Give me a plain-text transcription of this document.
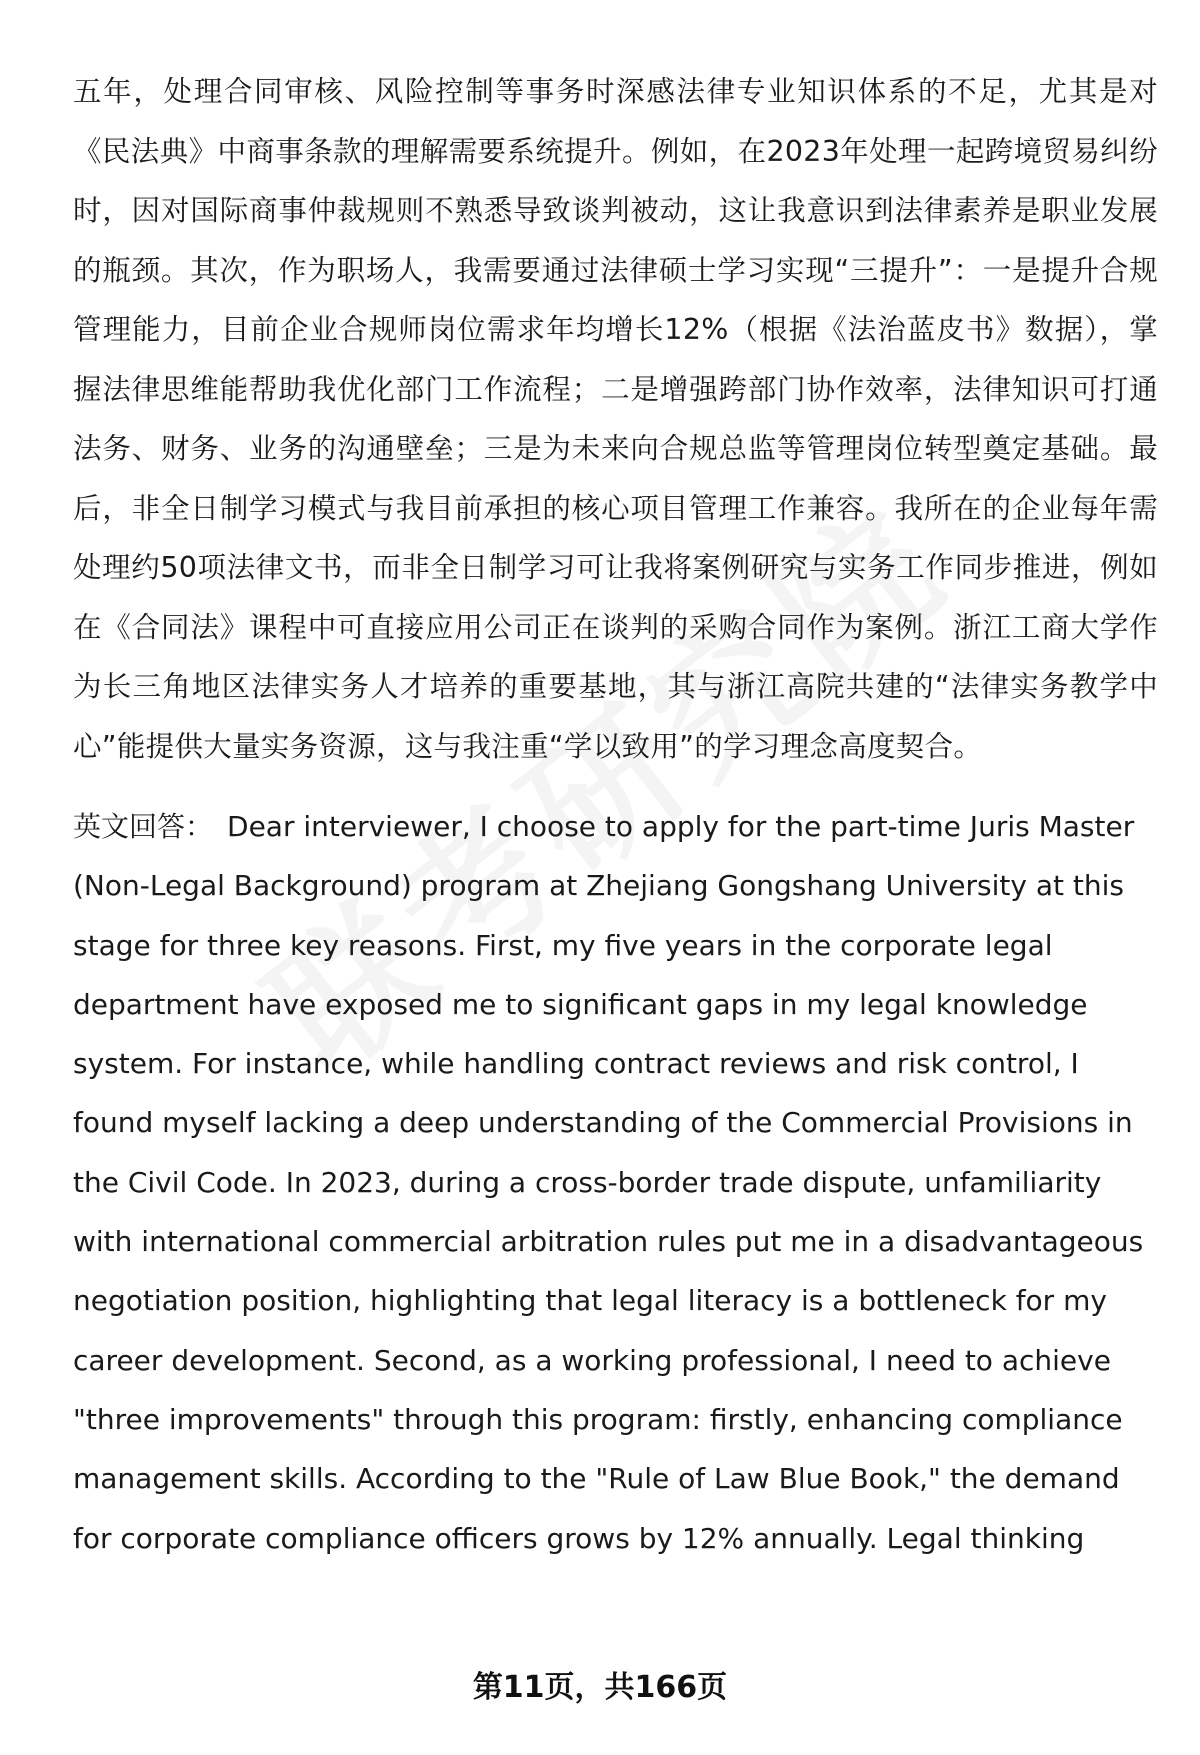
五年，处理合同审核、风险控制等事务时深感法律专业知识体系的不足，尤其是对《民法典》中商事条款的理解需要系统提升。例如，在2023年处理一起跨境贸易纠纷时，因对国际商事仲裁规则不熟悉导致谈判被动，这让我意识到法律素养是职业发展的瓶颈。其次，作为职场人，我需要通过法律硕士学习实现“三提升”：一是提升合规管理能力，目前企业合规师岗位需求年均增长12%（根据《法治蓝皮书》数据），掌握法律思维能帮助我优化部门工作流程；二是增强跨部门协作效率，法律知识可打通法务、财务、业务的沟通壁垒；三是为未来向合规总监等管理岗位转型奠定基础。最后，非全日制学习模式与我目前承担的核心项目管理工作兼容。我所在的企业每年需处理约50项法律文书，而非全日制学习可让我将案例研究与实务工作同步推进，例如在《合同法》课程中可直接应用公司正在谈判的采购合同作为案例。浙江工商大学作为长三角地区法律实务人才培养的重要基地，其与浙江高院共建的“法律实务教学中心”能提供大量实务资源，这与我注重“学以致用”的学习理念高度契合。

英文回答： Dear interviewer, I choose to apply for the part-time Juris Master (Non-Legal Background) program at Zhejiang Gongshang University at this stage for three key reasons. First, my five years in the corporate legal department have exposed me to significant gaps in my legal knowledge system. For instance, while handling contract reviews and risk control, I found myself lacking a deep understanding of the Commercial Provisions in the Civil Code. In 2023, during a cross-border trade dispute, unfamiliarity with international commercial arbitration rules put me in a disadvantageous negotiation position, highlighting that legal literacy is a bottleneck for my career development. Second, as a working professional, I need to achieve "three improvements" through this program: firstly, enhancing compliance management skills. According to the "Rule of Law Blue Book," the demand for corporate compliance officers grows by 12% annually. Legal thinking

第11页，共166页
